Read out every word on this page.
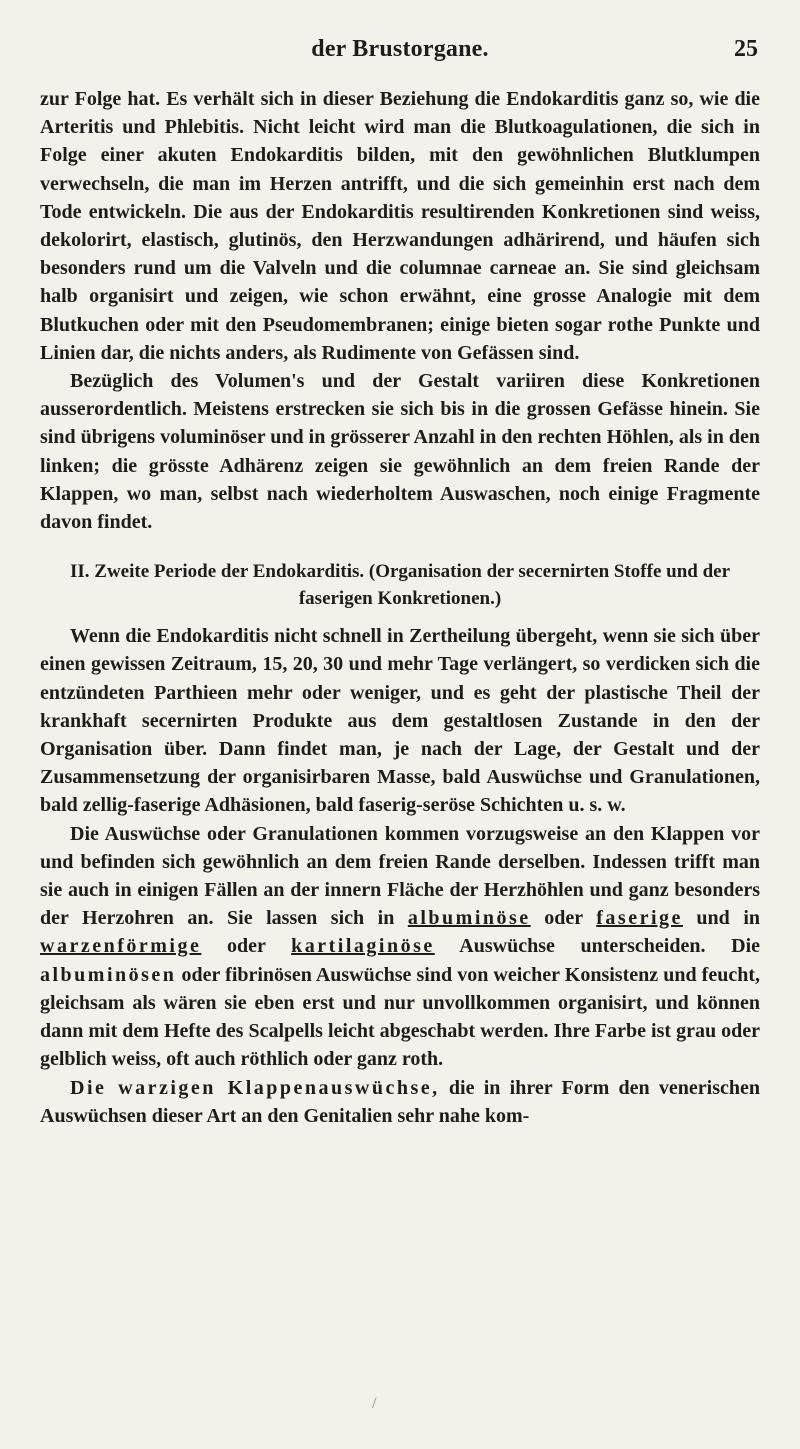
der Brustorgane.	25

zur Folge hat. Es verhält sich in dieser Beziehung die Endokarditis ganz so, wie die Arteritis und Phlebitis. Nicht leicht wird man die Blutkoagulationen, die sich in Folge einer akuten Endokarditis bilden, mit den gewöhnlichen Blutklumpen verwechseln, die man im Herzen antrifft, und die sich gemeinhin erst nach dem Tode entwickeln. Die aus der Endokarditis resultirenden Konkretionen sind weiss, dekolorirt, elastisch, glutinös, den Herzwandungen adhärirend, und häufen sich besonders rund um die Valveln und die columnae carneae an. Sie sind gleichsam halb organisirt und zeigen, wie schon erwähnt, eine grosse Analogie mit dem Blutkuchen oder mit den Pseudomembranen; einige bieten sogar rothe Punkte und Linien dar, die nichts anders, als Rudimente von Gefässen sind.

Bezüglich des Volumen's und der Gestalt variiren diese Konkretionen ausserordentlich. Meistens erstrecken sie sich bis in die grossen Gefässe hinein. Sie sind übrigens voluminöser und in grösserer Anzahl in den rechten Höhlen, als in den linken; die grösste Adhärenz zeigen sie gewöhnlich an dem freien Rande der Klappen, wo man, selbst nach wiederholtem Auswaschen, noch einige Fragmente davon findet.

II. Zweite Periode der Endokarditis. (Organisation der secernirten Stoffe und der faserigen Konkretionen.)

Wenn die Endokarditis nicht schnell in Zertheilung übergeht, wenn sie sich über einen gewissen Zeitraum, 15, 20, 30 und mehr Tage verlängert, so verdicken sich die entzündeten Parthieen mehr oder weniger, und es geht der plastische Theil der krankhaft secernirten Produkte aus dem gestaltlosen Zustande in den der Organisation über. Dann findet man, je nach der Lage, der Gestalt und der Zusammensetzung der organisirbaren Masse, bald Auswüchse und Granulationen, bald zellig-faserige Adhäsionen, bald faserig-seröse Schichten u. s. w.

Die Auswüchse oder Granulationen kommen vorzugsweise an den Klappen vor und befinden sich gewöhnlich an dem freien Rande derselben. Indessen trifft man sie auch in einigen Fällen an der innern Fläche der Herzhöhlen und ganz besonders der Herzohren an. Sie lassen sich in albuminöse oder faserige und in warzenförmige oder kartilaginöse Auswüchse unterscheiden. Die albuminösen oder fibrinösen Auswüchse sind von weicher Konsistenz und feucht, gleichsam als wären sie eben erst und nur unvollkommen organisirt, und können dann mit dem Hefte des Scalpells leicht abgeschabt werden. Ihre Farbe ist grau oder gelblich weiss, oft auch röthlich oder ganz roth.

Die warzigen Klappenauswüchse, die in ihrer Form den venerischen Auswüchsen dieser Art an den Genitalien sehr nahe kom-

/
